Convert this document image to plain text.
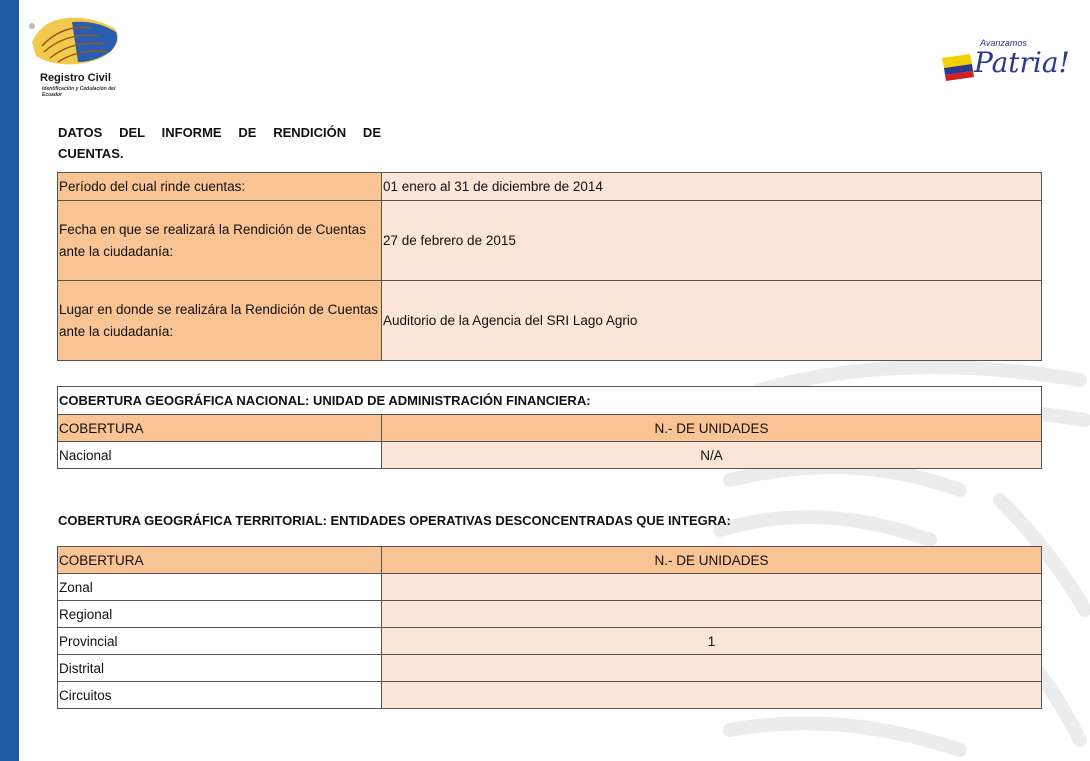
Registro Civil
Identificación y Cedulación del Ecuador
Avanzamos
Patria!
DATOS DEL INFORME DE RENDICIÓN DE CUENTAS.
Período del cual rinde cuentas:	01 enero al 31 de diciembre de 2014
Fecha en que se realizará la Rendición de Cuentas ante la ciudadanía:	27 de febrero de 2015
Lugar en donde se realizára la Rendición de Cuentas ante la ciudadanía:	Auditorio de la Agencia del SRI Lago Agrio
COBERTURA GEOGRÁFICA NACIONAL: UNIDAD DE ADMINISTRACIÓN FINANCIERA:	
COBERTURA	N.- DE UNIDADES
Nacional	N/A
COBERTURA GEOGRÁFICA TERRITORIAL: ENTIDADES OPERATIVAS DESCONCENTRADAS QUE INTEGRA:
COBERTURA	N.- DE UNIDADES
Zonal	
Regional	
Provincial	1
Distrital	
Circuitos	
